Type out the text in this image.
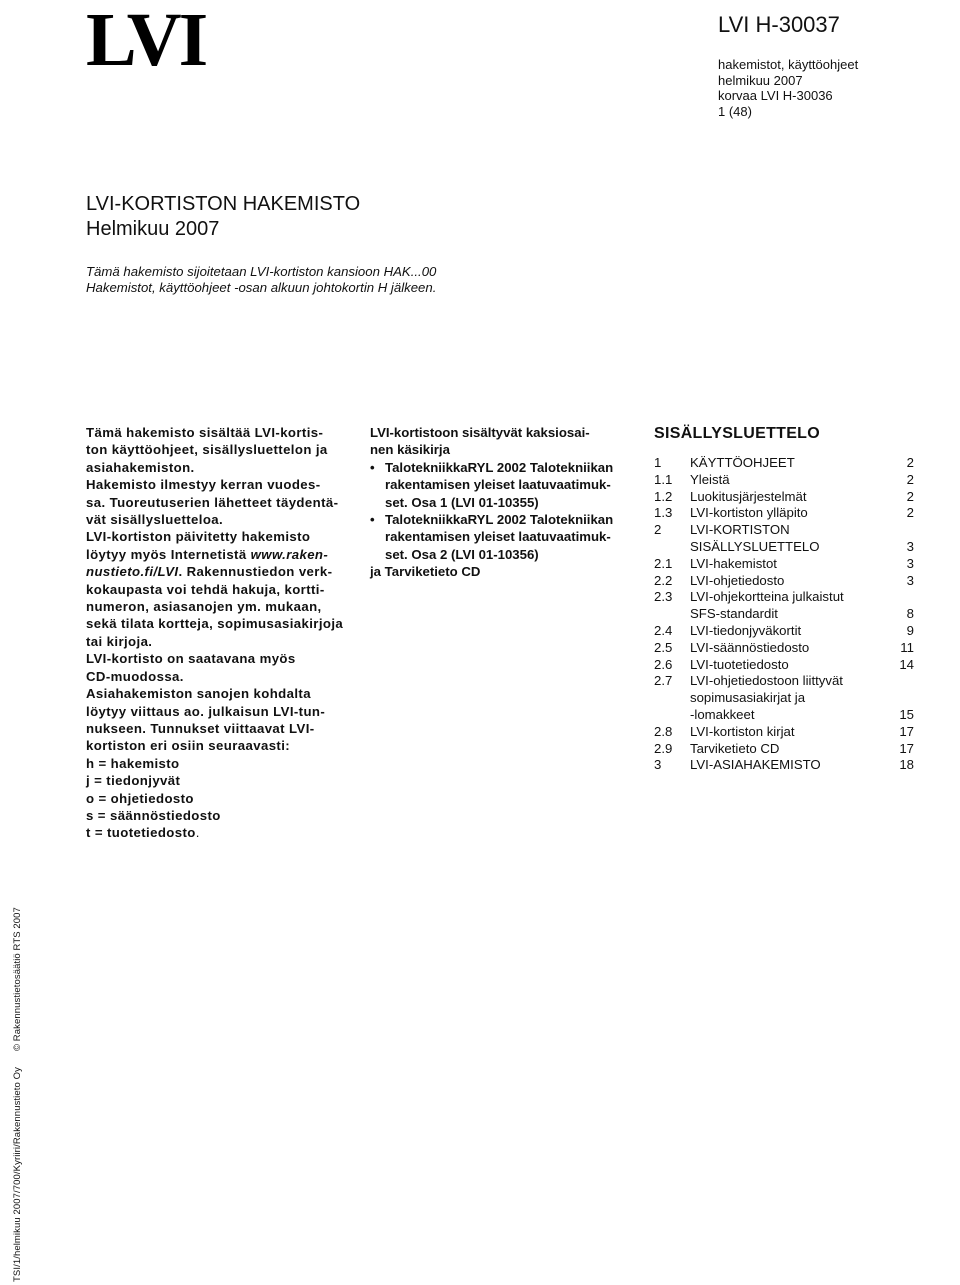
LVI	LVI H-30037
hakemistot, käyttöohjeet
helmikuu 2007
korvaa LVI H-30036
1 (48)
LVI-KORTISTON HAKEMISTO
Helmikuu 2007
Tämä hakemisto sijoitetaan LVI-kortiston kansioon HAK...00
Hakemistot, käyttöohjeet -osan alkuun johtokortin H jälkeen.
Tämä hakemisto sisältää LVI-kortis-
ton käyttöohjeet, sisällysluettelon ja
asiahakemiston.
Hakemisto ilmestyy kerran vuodes-
sa. Tuoreutuserien lähetteet täydentä-
vät sisällysluetteloa.
LVI-kortiston päivitetty hakemisto
löytyy myös Internetistä www.raken-
nustieto.fi/LVI . Rakennustiedon verk-
kokaupasta voi tehdä hakuja, kortti-
numeron, asiasanojen ym. mukaan,
sekä tilata kortteja, sopimusasiakirjoja
tai kirjoja.
LVI-kortisto on saatavana myös
CD-muodossa.
Asiahakemiston sanojen kohdalta
löytyy viittaus ao. julkaisun LVI-tun-
nukseen. Tunnukset viittaavat LVI-
kortiston eri osiin seuraavasti:
h = hakemisto
j = tiedonjyvät
o = ohjetiedosto
s = säännöstiedosto
t = tuotetiedosto .
LVI-kortistoon sisältyvät kaksiosai-
nen käsikirja
• TalotekniikkaRYL 2002 Talotekniikan
rakentamisen yleiset laatuvaatimuk-
set. Osa 1 (LVI 01-10355)
• TalotekniikkaRYL 2002 Talotekniikan
rakentamisen yleiset laatuvaatimuk-
set. Osa 2 (LVI 01-10356)
ja Tarviketieto CD
SISÄLLYSLUETTELO
1	KÄYTTÖOHJEET	2
1.1	Yleistä	2
1.2	Luokitusjärjestelmät	2
1.3	LVI-kortiston ylläpito	2
2	LVI-KORTISTON
SISÄLLYSLUETTELO	3
2.1	LVI-hakemistot	3
2.2	LVI-ohjetiedosto	3
2.3	LVI-ohjekortteina julkaistut
SFS-standardit	8
2.4	LVI-tiedonjyväkortit	9
2.5	LVI-säännöstiedosto	11
2.6	LVI-tuotetiedosto	14
2.7	LVI-ohjetiedostoon liittyvät
sopimusasiakirjat ja
-lomakkeet	15
2.8	LVI-kortiston kirjat	17
2.9	Tarviketieto CD	17
3	LVI-ASIAHAKEMISTO	18
TSI/1/helmikuu 2007/700/Kyriiri/Rakennustieto Oy© Rakennustietosäätiö RTS 2007
